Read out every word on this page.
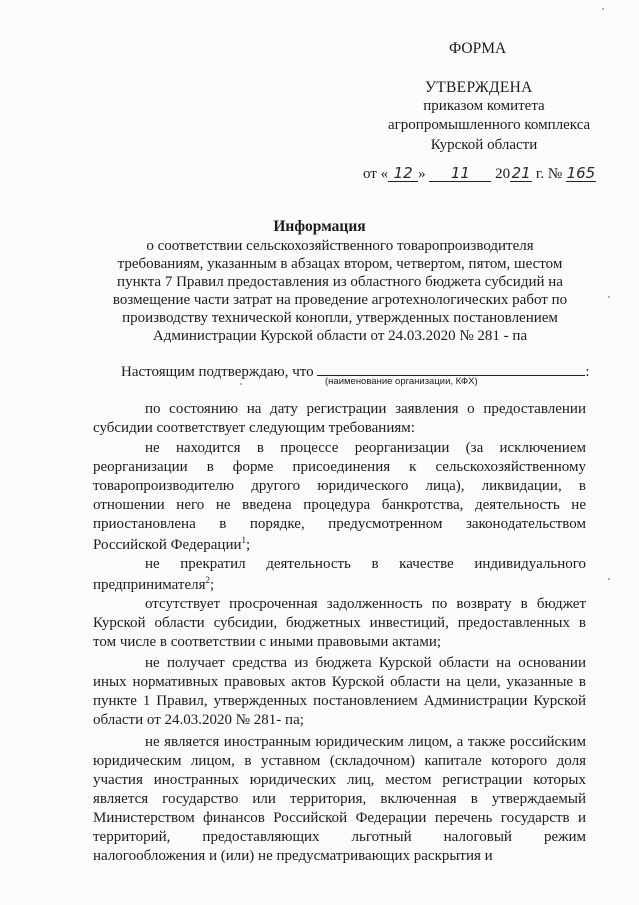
ФОРМА
УТВЕРЖДЕНА
приказом комитета
агропромышленного комплекса
Курской области
от « 12 » 11 2021 г. № 165
Информация
о соответствии сельскохозяйственного товаропроизводителя
требованиям, указанным в абзацах втором, четвертом, пятом, шестом
пункта 7 Правил предоставления из областного бюджета субсидий на
возмещение части затрат на проведение агротехнологических работ по
производству технической конопли, утвержденных постановлением
Администрации Курской области от 24.03.2020 № 281 - па
Настоящим подтверждаю, что	:
(наименование организации, КФХ)
по состоянию на дату регистрации заявления о предоставлении
субсидии соответствует следующим требованиям:
не находится в процессе реорганизации (за исключением
реорганизации в форме присоединения к сельскохозяйственному
товаропроизводителю другого юридического лица), ликвидации, в
отношении него не введена процедура банкротства, деятельность не
приостановлена в порядке, предусмотренном законодательством
Российской Федерации$^1$;
не прекратил деятельность в качестве индивидуального
предпринимателя$^2$;
отсутствует просроченная задолженность по возврату в бюджет
Курской области субсидии, бюджетных инвестиций, предоставленных в
том числе в соответствии с иными правовыми актами;
не получает средства из бюджета Курской области на основании
иных нормативных правовых актов Курской области на цели, указанные в
пункте 1 Правил, утвержденных постановлением Администрации Курской
области от 24.03.2020 № 281- па;
не является иностранным юридическим лицом, а также российским
юридическим лицом, в уставном (складочном) капитале которого доля
участия иностранных юридических лиц, местом регистрации которых
является государство или территория, включенная в утверждаемый
Министерством финансов Российской Федерации перечень государств и
территорий, предоставляющих льготный налоговый режим
налогообложения и (или) не предусматривающих раскрытия и
